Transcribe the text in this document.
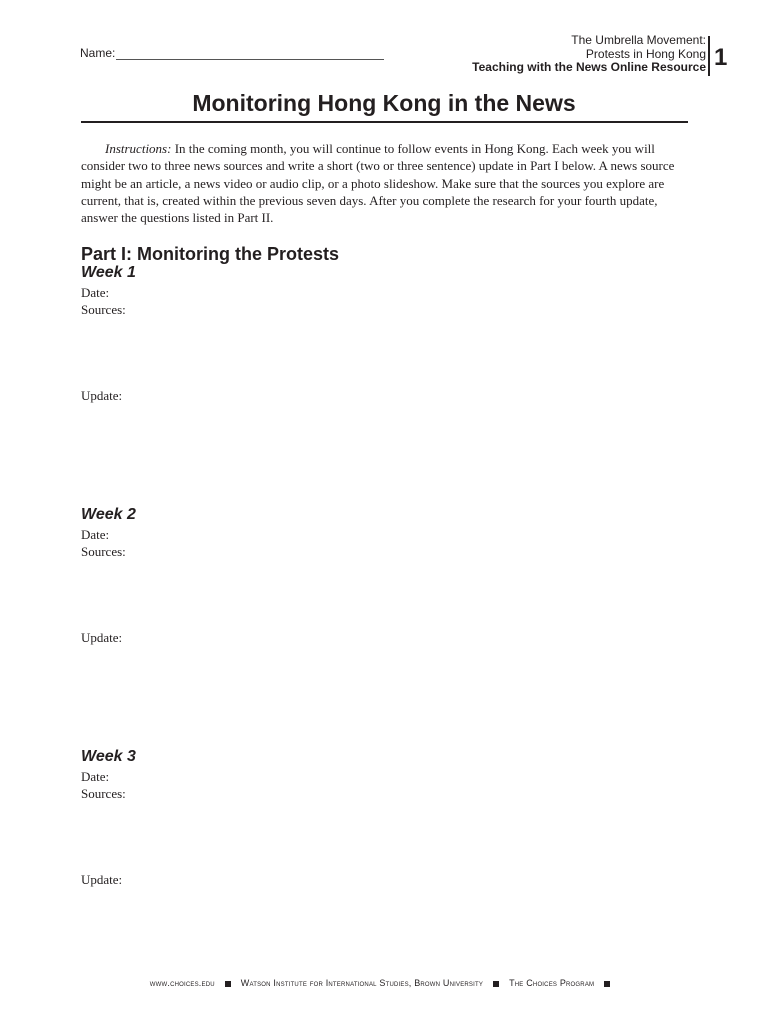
Name:
The Umbrella Movement:
Protests in Hong Kong
Teaching with the News Online Resource 1
Monitoring Hong Kong in the News

Instructions: In the coming month, you will continue to follow events in Hong Kong. Each week you will consider two to three news sources and write a short (two or three sentence) update in Part I below. A news source might be an article, a news video or audio clip, or a photo slideshow. Make sure that the sources you explore are current, that is, created within the previous seven days. After you complete the research for your fourth update, answer the questions listed in Part II.

Part I: Monitoring the Protests
Week 1
Date:
Sources:
Update:
Week 2
Date:
Sources:
Update:
Week 3
Date:
Sources:
Update:
www.choices.edu	Watson Institute for International Studies, Brown University	The Choices Program
